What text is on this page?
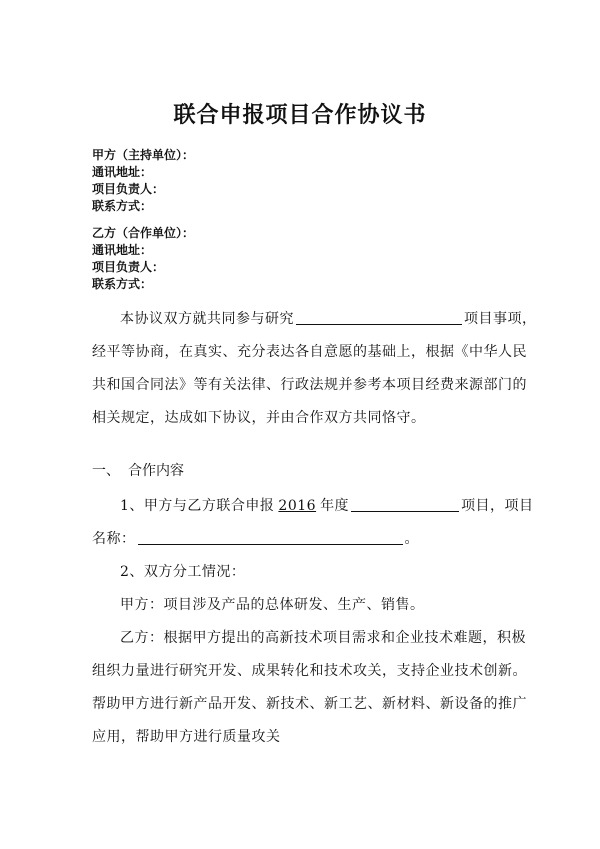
联合申报项目合作协议书
甲方（主持单位）：
通讯地址：
项目负责人：
联系方式：
乙方（合作单位）：
通讯地址：
项目负责人：
联系方式：
本协议双方就共同参与研究	项目事项，
经平等协商，在真实、充分表达各自意愿的基础上，根据《中华人民
共和国合同法》等有关法律、行政法规并参考本项目经费来源部门的
相关规定，达成如下协议，并由合作双方共同恪守。
一、 合作内容
1、甲方与乙方联合申报 2016 年度	项目，项目
名称：	。
2、双方分工情况：
甲方：项目涉及产品的总体研发、生产、销售。
乙方：根据甲方提出的高新技术项目需求和企业技术难题，积极
组织力量进行研究开发、成果转化和技术攻关，支持企业技术创新。
帮助甲方进行新产品开发、新技术、新工艺、新材料、新设备的推广
应用，帮助甲方进行质量攻关
